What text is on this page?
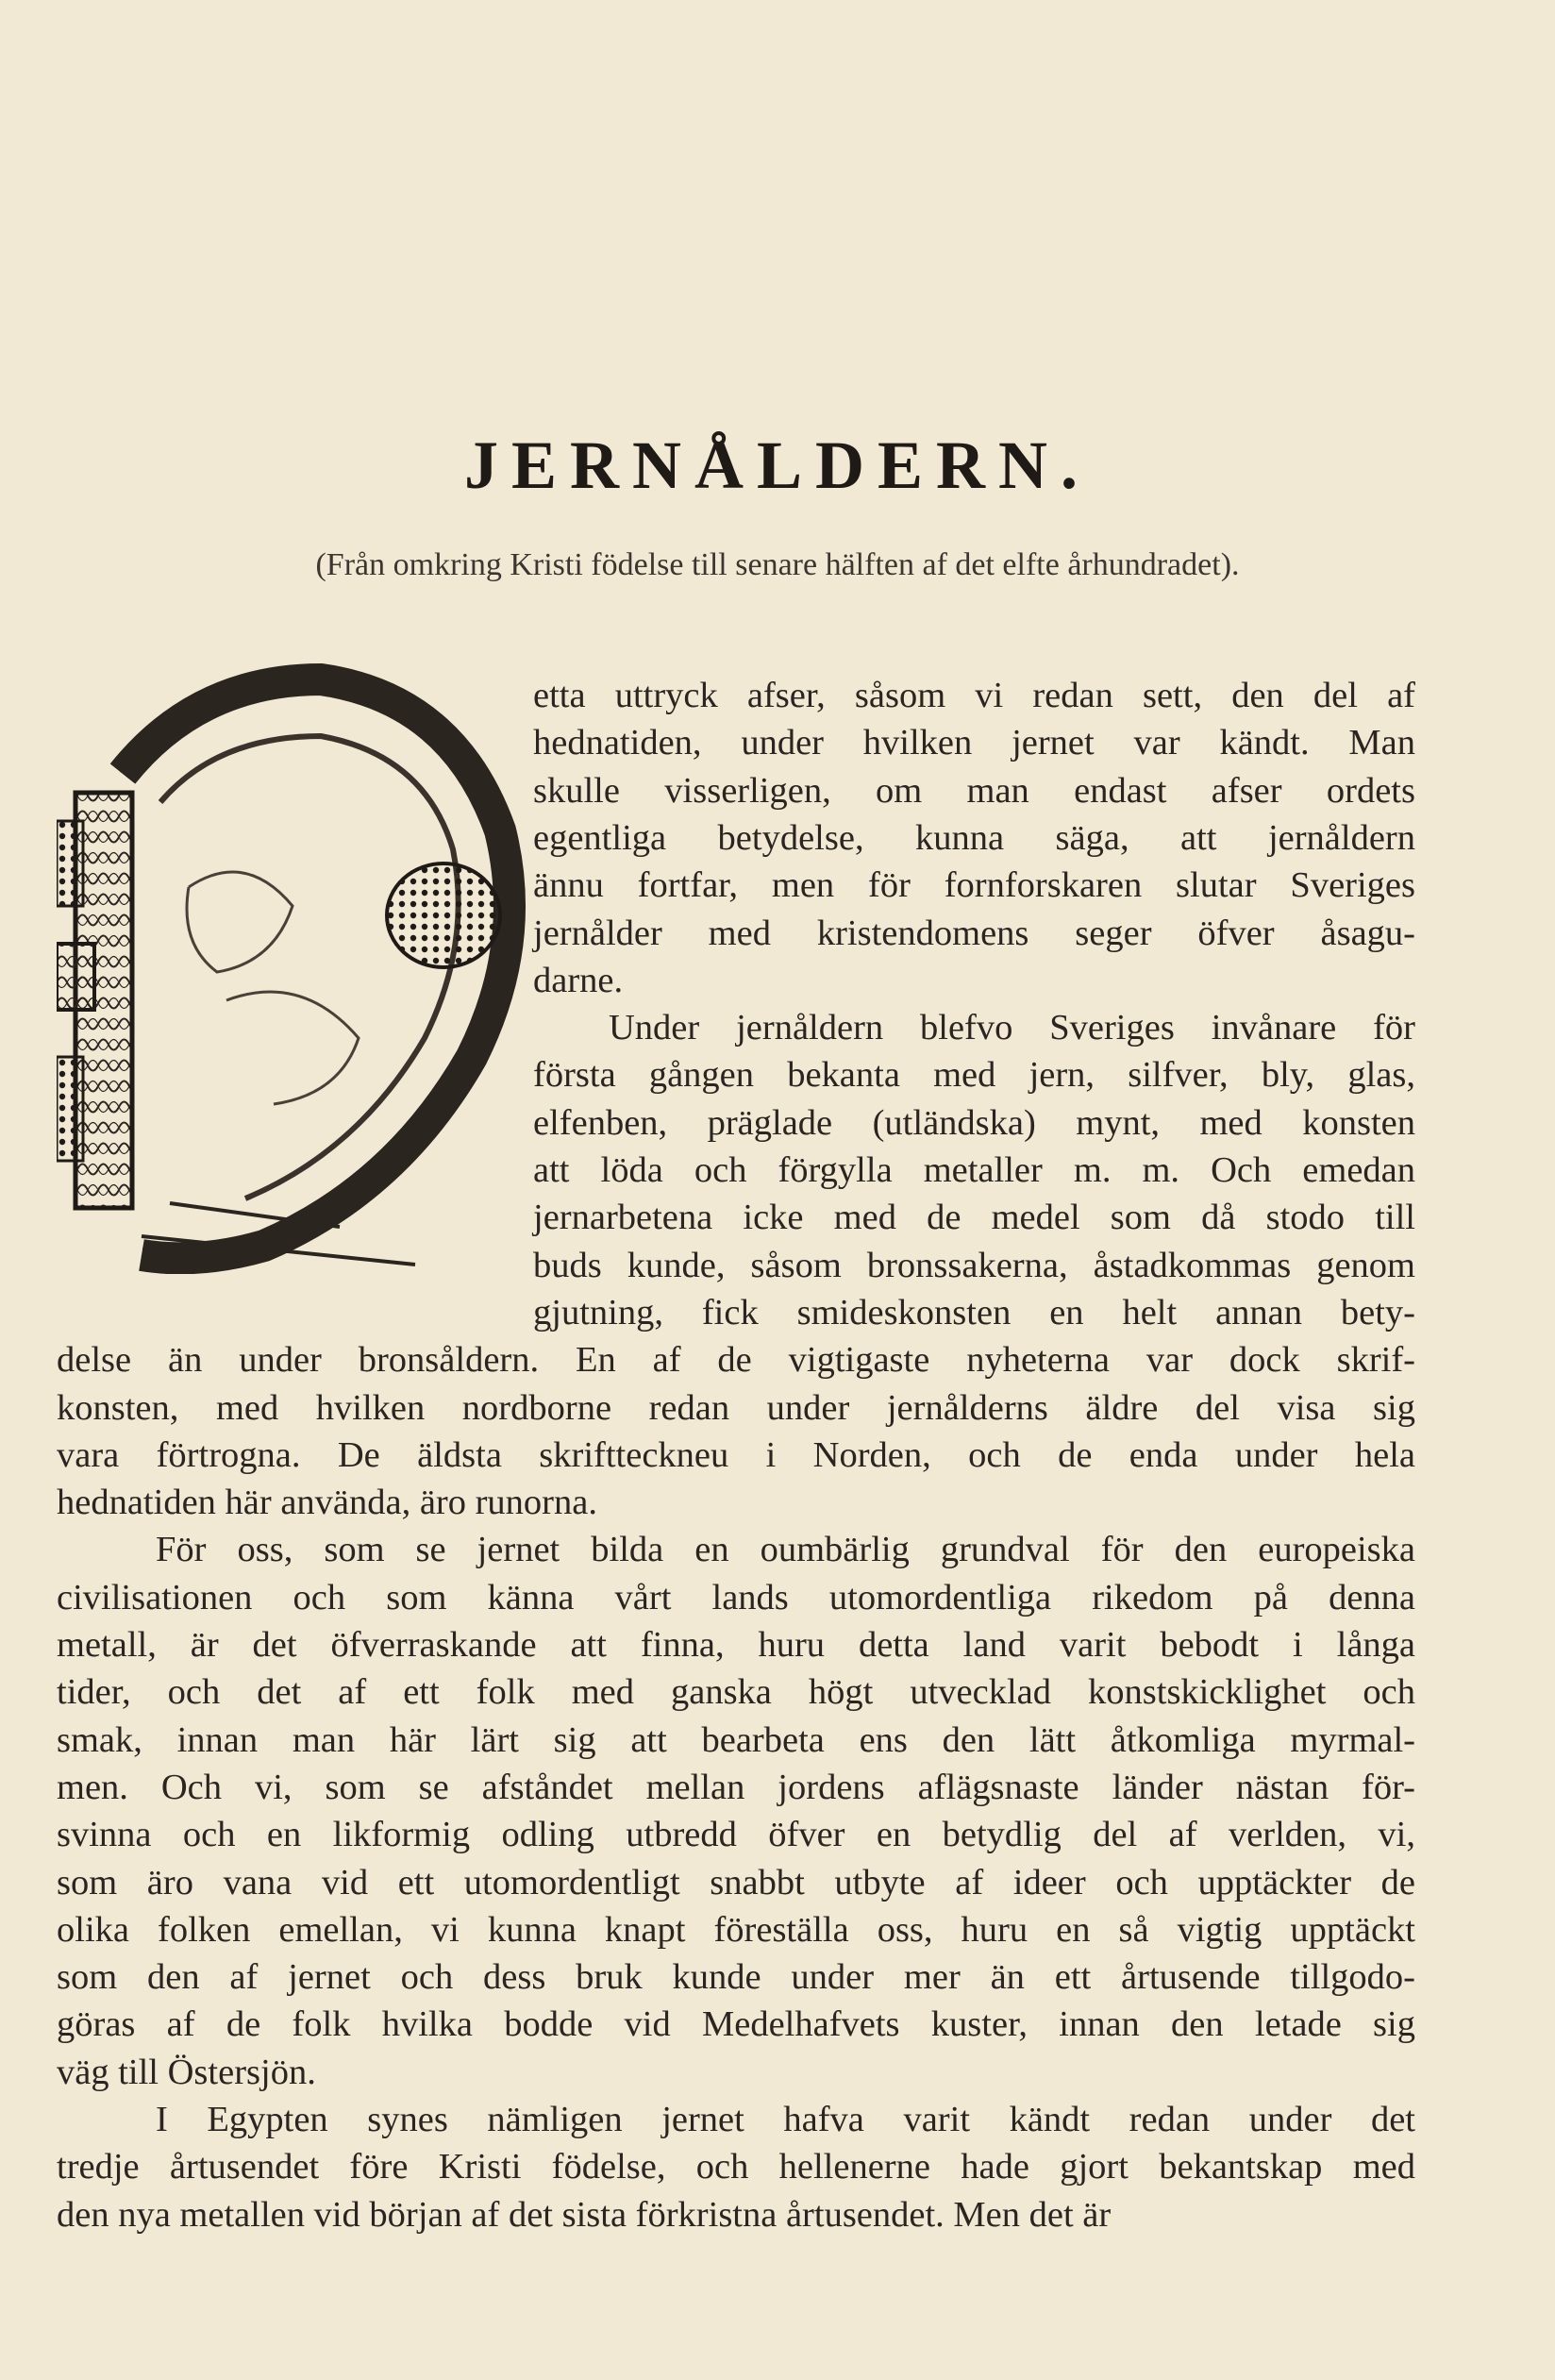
JERNÅLDERN.
(Från omkring Kristi födelse till senare hälften af det elfte århundradet).
etta uttryck afser, såsom vi redan sett, den del af
hednatiden, under hvilken jernet var kändt. Man
skulle visserligen, om man endast afser ordets
egentliga betydelse, kunna säga, att jernåldern
ännu fortfar, men för fornforskaren slutar Sveriges
jernålder med kristendomens seger öfver åsagu-
darne.
Under jernåldern blefvo Sveriges invånare för
första gången bekanta med jern, silfver, bly, glas,
elfenben, präglade (utländska) mynt, med konsten
att löda och förgylla metaller m. m. Och emedan
jernarbetena icke med de medel som då stodo till
buds kunde, såsom bronssakerna, åstadkommas genom
gjutning, fick smideskonsten en helt annan bety-
delse än under bronsåldern. En af de vigtigaste nyheterna var dock skrif-
konsten, med hvilken nordborne redan under jernålderns äldre del visa sig
vara förtrogna. De äldsta skriftteckneu i Norden, och de enda under hela
hednatiden här använda, äro runorna.
För oss, som se jernet bilda en oumbärlig grundval för den europeiska
civilisationen och som känna vårt lands utomordentliga rikedom på denna
metall, är det öfverraskande att finna, huru detta land varit bebodt i långa
tider, och det af ett folk med ganska högt utvecklad konstskicklighet och
smak, innan man här lärt sig att bearbeta ens den lätt åtkomliga myrmal-
men. Och vi, som se afståndet mellan jordens aflägsnaste länder nästan för-
svinna och en likformig odling utbredd öfver en betydlig del af verlden, vi,
som äro vana vid ett utomordentligt snabbt utbyte af ideer och upptäckter de
olika folken emellan, vi kunna knapt föreställa oss, huru en så vigtig upptäckt
som den af jernet och dess bruk kunde under mer än ett årtusende tillgodo-
göras af de folk hvilka bodde vid Medelhafvets kuster, innan den letade sig
väg till Östersjön.
I Egypten synes nämligen jernet hafva varit kändt redan under det
tredje årtusendet före Kristi födelse, och hellenerne hade gjort bekantskap med
den nya metallen vid början af det sista förkristna årtusendet. Men det är
